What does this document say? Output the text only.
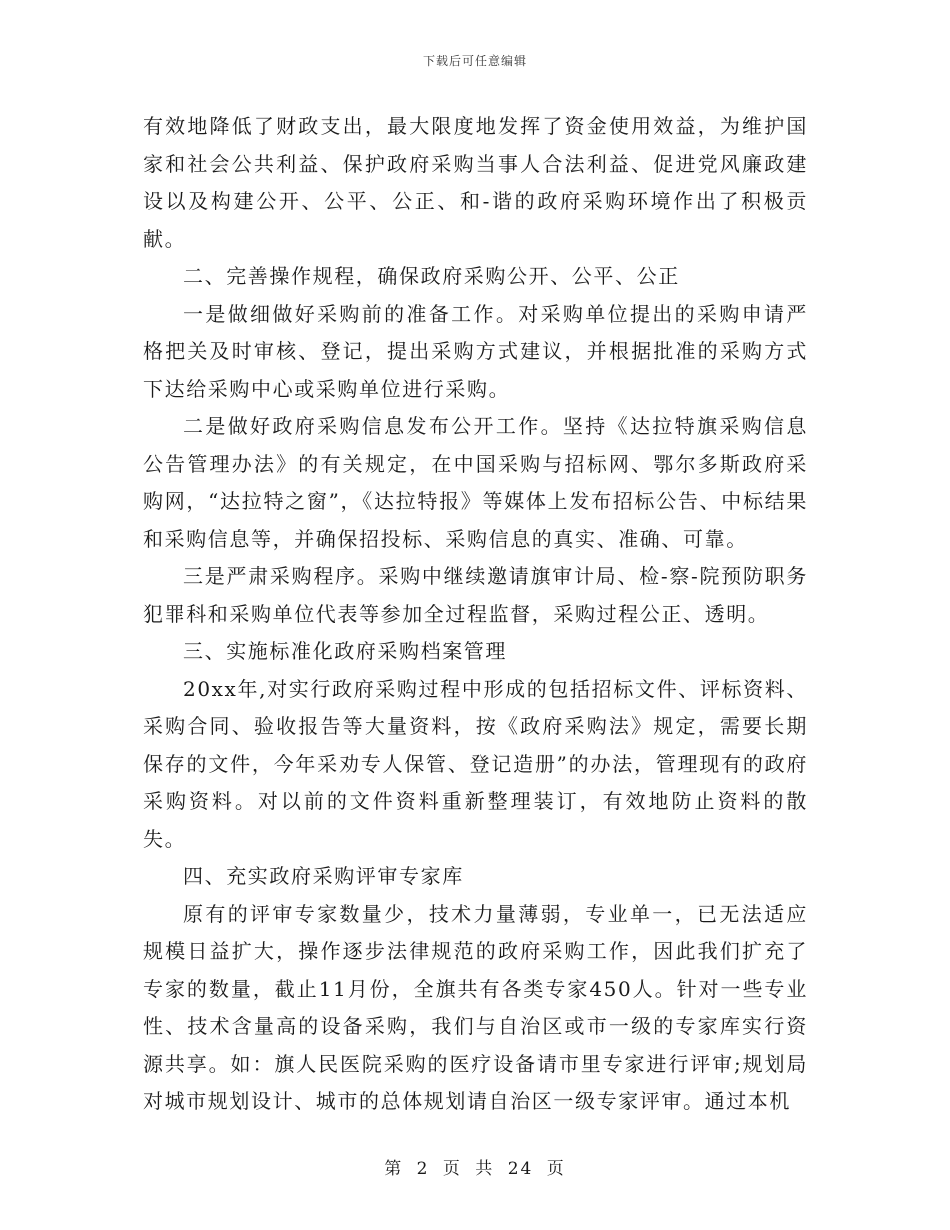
下载后可任意编辑

有效地降低了财政支出，最大限度地发挥了资金使用效益，为维护国家和社会公共利益、保护政府采购当事人合法利益、促进党风廉政建设以及构建公开、公平、公正、和-谐的政府采购环境作出了积极贡献。

二、完善操作规程，确保政府采购公开、公平、公正

一是做细做好采购前的准备工作。对采购单位提出的采购申请严格把关及时审核、登记，提出采购方式建议，并根据批准的采购方式下达给采购中心或采购单位进行采购。

二是做好政府采购信息发布公开工作。坚持《达拉特旗采购信息公告管理办法》的有关规定，在中国采购与招标网、鄂尔多斯政府采购网，“达拉特之窗”，《达拉特报》等媒体上发布招标公告、中标结果和采购信息等，并确保招投标、采购信息的真实、准确、可靠。

三是严肃采购程序。采购中继续邀请旗审计局、检-察-院预防职务犯罪科和采购单位代表等参加全过程监督，采购过程公正、透明。

三、实施标准化政府采购档案管理

20xx年,对实行政府采购过程中形成的包括招标文件、评标资料、采购合同、验收报告等大量资料，按《政府采购法》规定，需要长期保存的文件，今年采劝专人保管、登记造册”的办法，管理现有的政府采购资料。对以前的文件资料重新整理装订，有效地防止资料的散失。

四、充实政府采购评审专家库

原有的评审专家数量少，技术力量薄弱，专业单一，已无法适应规模日益扩大，操作逐步法律规范的政府采购工作，因此我们扩充了专家的数量，截止11月份，全旗共有各类专家450人。针对一些专业性、技术含量高的设备采购，我们与自治区或市一级的专家库实行资源共享。如：旗人民医院采购的医疗设备请市里专家进行评审;规划局对城市规划设计、城市的总体规划请自治区一级专家评审。通过本机

第 2 页 共 24 页
